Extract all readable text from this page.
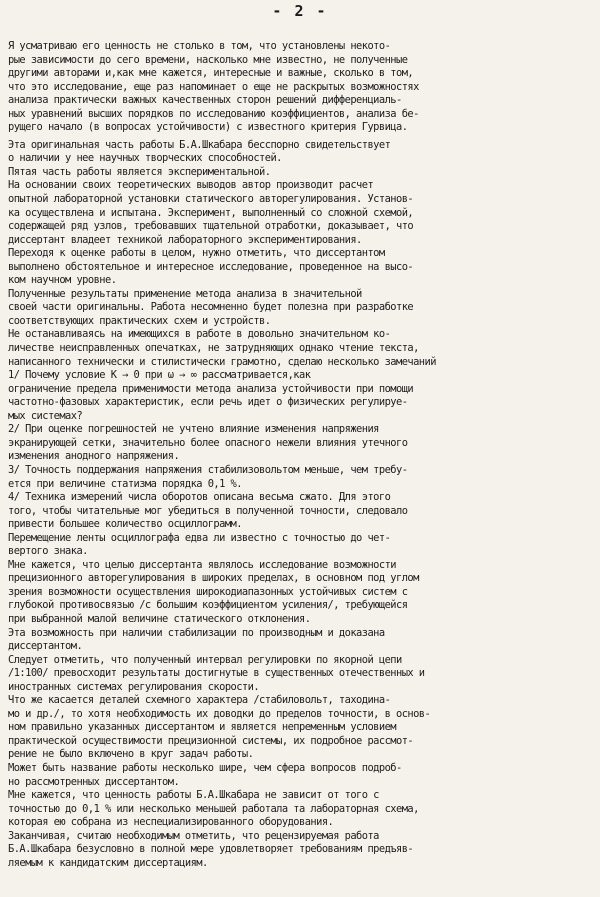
- 2 -
Я усматриваю его ценность не столько в том, что установлены некото-
рые зависимости до сего времени, насколько мне известно, не полученные
другими авторами и,как мне кажется, интересные и важные, сколько в том,
что это исследование, еще раз напоминает о еще не раскрытых возможностях
анализа практически важных качественных сторон решений дифференциаль-
ных уравнений высших порядков по исследованию коэффициентов, анализа бе-
рущего начало (в вопросах устойчивости) с известного критерия Гурвица.
Эта оригинальная часть работы Б.А.Шкабара бесспорно свидетельствует
о наличии у нее научных творческих способностей.
Пятая часть работы является экспериментальной.
На основании своих теоретических выводов автор производит расчет
опытной лабораторной установки статического авторегулирования. Установ-
ка осуществлена и испытана. Эксперимент, выполненный со сложной схемой,
содержащей ряд узлов, требовавших тщательной отработки, доказывает, что
диссертант владеет техникой лабораторного экспериментирования.
Переходя к оценке работы в целом, нужно отметить, что диссертантом
выполнено обстоятельное и интересное исследование, проведенное на высо-
ком научном уровне.
Полученные результаты применение метода анализа в значительной
своей части оригинальны. Работа несомненно будет полезна при разработке
соответствующих практических схем и устройств.
Не останавливаясь на имеющихся в работе в довольно значительном ко-
личестве неисправленных опечатках, не затрудняющих однако чтение текста,
написанного технически и стилистически грамотно, сделаю несколько замечаний
1/ Почему условие K → 0 при ω → ∞ рассматривается,как
ограничение предела применимости метода анализа устойчивости при помощи
частотно-фазовых характеристик, если речь идет о физических регулируе-
мых системах?
2/ При оценке погрешностей не учтено влияние изменения напряжения
экранирующей сетки, значительно более опасного нежели влияния утечного
изменения анодного напряжения.
3/ Точность поддержания напряжения стабилизовольтом меньше, чем требу-
ется при величине статизма порядка 0,1 %.
4/ Техника измерений числа оборотов описана весьма сжато. Для этого
того, чтобы читательные мог убедиться в полученной точности, следовало
привести большее количество осциллограмм.
Перемещение ленты осциллографа едва ли известно с точностью до чет-
вертого знака.
Мне кажется, что целью диссертанта являлось исследование возможности
прецизионного авторегулирования в широких пределах, в основном под углом
зрения возможности осуществления широкодиапазонных устойчивых систем с
глубокой противосвязью /с большим коэффициентом усиления/, требующейся
при выбранной малой величине статического отклонения.
Эта возможность при наличии стабилизации по производным и доказана
диссертантом.
Следует отметить, что полученный интервал регулировки по якорной цепи
/1:100/ превосходит результаты достигнутые в существенных отечественных и
иностранных системах регулирования скорости.
Что же касается деталей схемного характера /стабиловольт, таходина-
мо и др./, то хотя необходимость их доводки до пределов точности, в основ-
ном правильно указанных диссертантом и является непременным условием
практической осуществимости прецизионной системы, их подробное рассмот-
рение не было включено в круг задач работы.
Может быть название работы несколько шире, чем сфера вопросов подроб-
но рассмотренных диссертантом.
Мне кажется, что ценность работы Б.А.Шкабара не зависит от того с
точностью до 0,1 % или несколько меньшей работала та лабораторная схема,
которая ею собрана из неспециализированного оборудования.
Заканчивая, считаю необходимым отметить, что рецензируемая работа
Б.А.Шкабара безусловно в полной мере удовлетворяет требованиям предъяв-
ляемым к кандидатским диссертациям.
